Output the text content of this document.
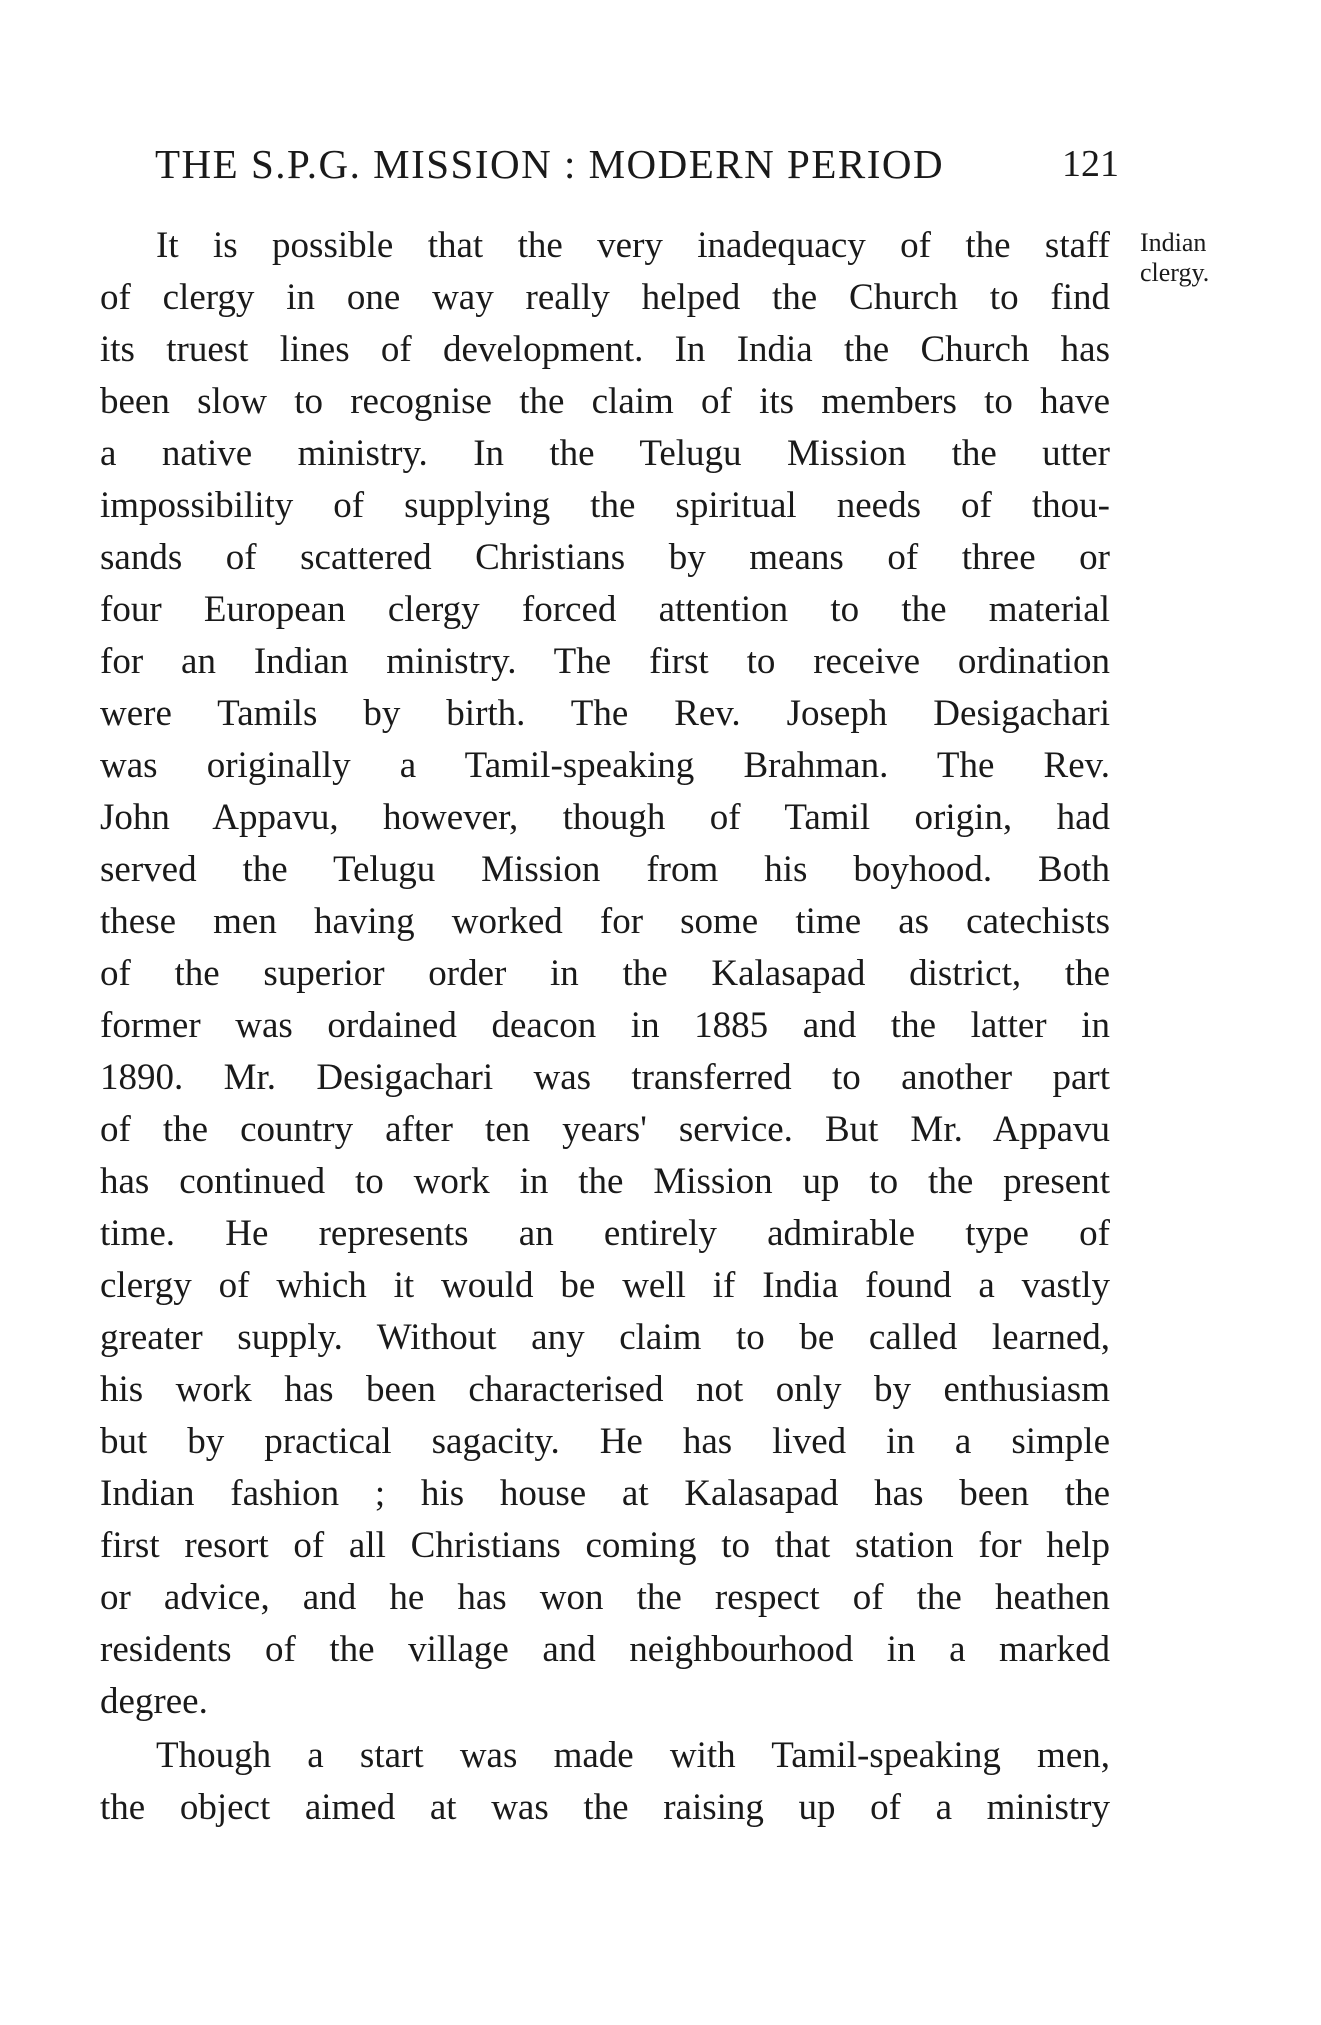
THE S.P.G. MISSION : MODERN PERIOD	121
Indian
clergy.
It is possible that the very inadequacy of the staff
of clergy in one way really helped the Church to find
its truest lines of development. In India the Church has
been slow to recognise the claim of its members to have
a native ministry. In the Telugu Mission the utter
impossibility of supplying the spiritual needs of thou-
sands of scattered Christians by means of three or
four European clergy forced attention to the material
for an Indian ministry. The first to receive ordination
were Tamils by birth. The Rev. Joseph Desigachari
was originally a Tamil-speaking Brahman. The Rev.
John Appavu, however, though of Tamil origin, had
served the Telugu Mission from his boyhood. Both
these men having worked for some time as catechists
of the superior order in the Kalasapad district, the
former was ordained deacon in 1885 and the latter in
1890. Mr. Desigachari was transferred to another part
of the country after ten years' service. But Mr. Appavu
has continued to work in the Mission up to the present
time. He represents an entirely admirable type of
clergy of which it would be well if India found a vastly
greater supply. Without any claim to be called learned,
his work has been characterised not only by enthusiasm
but by practical sagacity. He has lived in a simple
Indian fashion ; his house at Kalasapad has been the
first resort of all Christians coming to that station for help
or advice, and he has won the respect of the heathen
residents of the village and neighbourhood in a marked
degree.
Though a start was made with Tamil-speaking men,
the object aimed at was the raising up of a ministry
